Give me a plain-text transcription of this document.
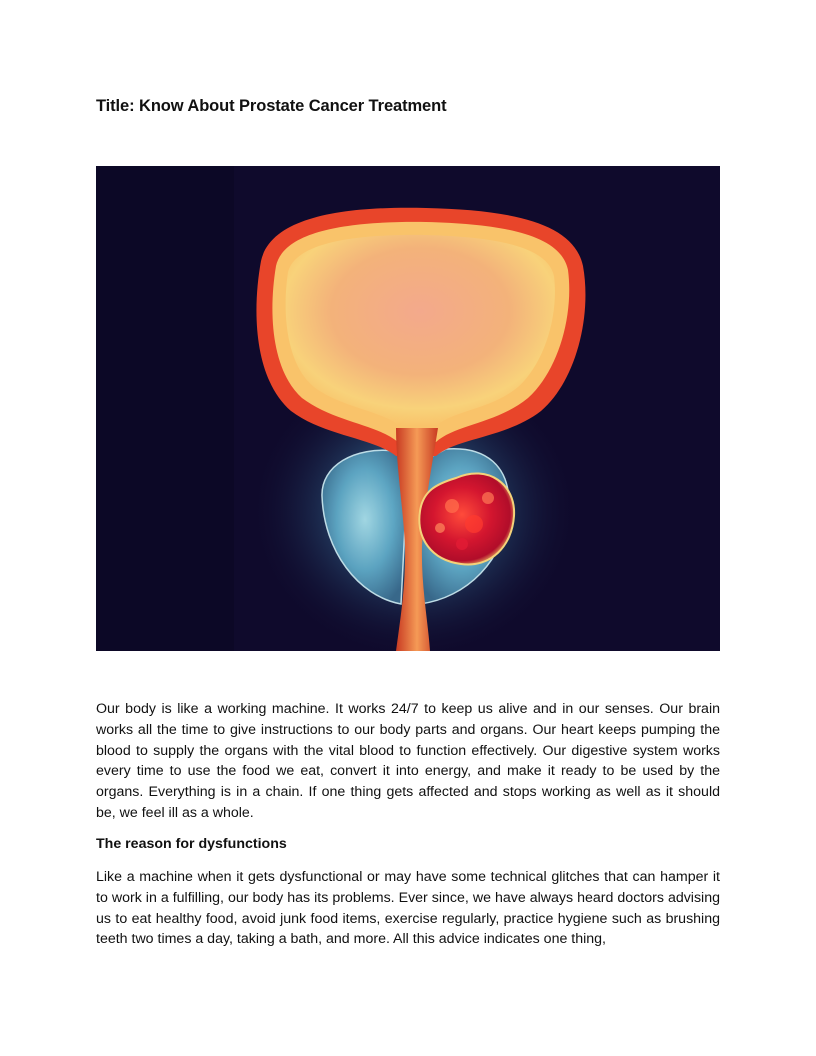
Title: Know About Prostate Cancer Treatment

Our body is like a working machine. It works 24/7 to keep us alive and in our senses. Our brain works all the time to give instructions to our body parts and organs. Our heart keeps pumping the blood to supply the organs with the vital blood to function effectively. Our digestive system works every time to use the food we eat, convert it into energy, and make it ready to be used by the organs. Everything is in a chain. If one thing gets affected and stops working as well as it should be, we feel ill as a whole.

The reason for dysfunctions

Like a machine when it gets dysfunctional or may have some technical glitches that can hamper it to work in a fulfilling, our body has its problems. Ever since, we have always heard doctors advising us to eat healthy food, avoid junk food items, exercise regularly, practice hygiene such as brushing teeth two times a day, taking a bath, and more. All this advice indicates one thing,
